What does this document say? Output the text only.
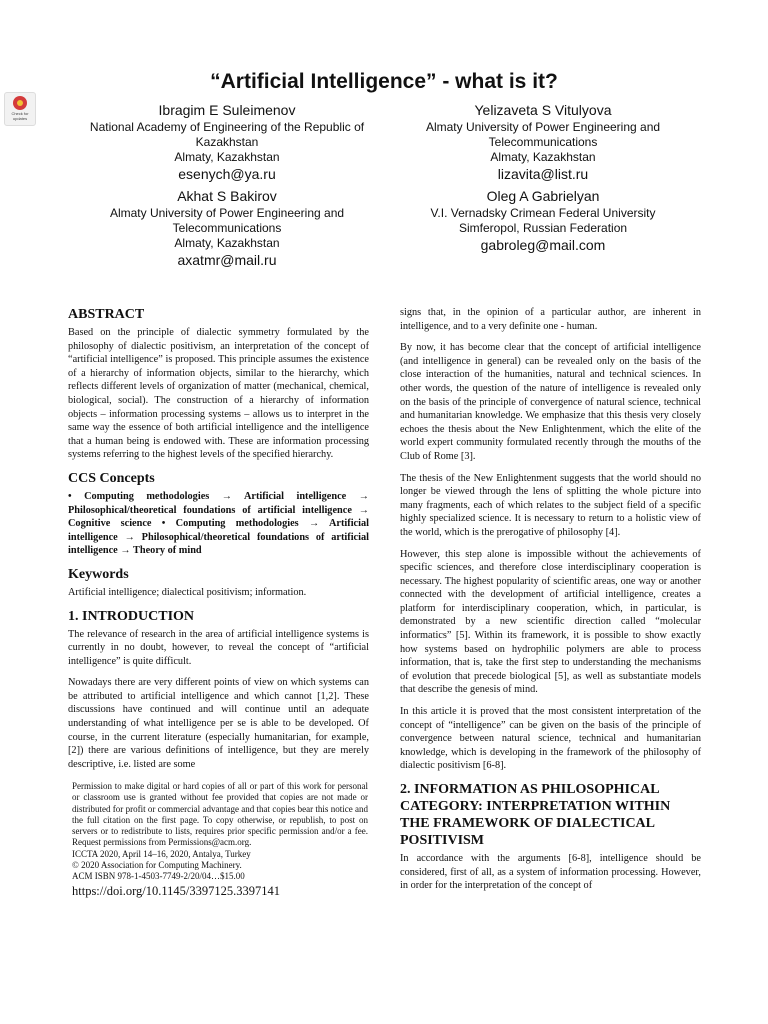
“Artificial Intelligence” - what is it?
Check for updates
Ibragim E Suleimenov
National Academy of Engineering of the Republic of Kazakhstan
Almaty, Kazakhstan
esenych@ya.ru
Yelizaveta S Vitulyova
Almaty University of Power Engineering and Telecommunications
Almaty, Kazakhstan
lizavita@list.ru
Akhat S Bakirov
Almaty University of Power Engineering and Telecommunications
Almaty, Kazakhstan
axatmr@mail.ru
Oleg A Gabrielyan
V.I. Vernadsky Crimean Federal University
Simferopol, Russian Federation
gabroleg@mail.com
ABSTRACT

Based on the principle of dialectic symmetry formulated by the philosophy of dialectic positivism, an interpretation of the concept of “artificial intelligence” is proposed. This principle assumes the existence of a hierarchy of information objects, similar to the hierarchy, which reflects different levels of organization of matter (mechanical, chemical, biological, social). The construction of a hierarchy of information objects – information processing systems – allows us to interpret in the same way the essence of both artificial intelligence and the intelligence that a human being is endowed with. These are information processing systems referring to the highest levels of the specified hierarchy.

CCS Concepts

• Computing methodologies → Artificial intelligence → Philosophical/theoretical foundations of artificial intelligence → Cognitive science • Computing methodologies → Artificial intelligence → Philosophical/theoretical foundations of artificial intelligence → Theory of mind

Keywords

Artificial intelligence; dialectical positivism; information.

1. INTRODUCTION

The relevance of research in the area of artificial intelligence systems is currently in no doubt, however, to reveal the concept of “artificial intelligence” is quite difficult.

Nowadays there are very different points of view on which systems can be attributed to artificial intelligence and which cannot [1,2]. These discussions have continued and will continue until an adequate understanding of what intelligence per se is able to be developed. Of course, in the current literature (especially humanitarian, for example, [2]) there are various definitions of intelligence, but they are merely descriptive, i.e. listed are some

Permission to make digital or hard copies of all or part of this work for personal or classroom use is granted without fee provided that copies are not made or distributed for profit or commercial advantage and that copies bear this notice and the full citation on the first page. To copy otherwise, or republish, to post on servers or to redistribute to lists, requires prior specific permission and/or a fee. Request permissions from Permissions@acm.org.
ICCTA 2020, April 14–16, 2020, Antalya, Turkey
© 2020 Association for Computing Machinery.
ACM ISBN 978-1-4503-7749-2/20/04…$15.00
https://doi.org/10.1145/3397125.3397141

signs that, in the opinion of a particular author, are inherent in intelligence, and to a very definite one - human.

By now, it has become clear that the concept of artificial intelligence (and intelligence in general) can be revealed only on the basis of the close interaction of the humanities, natural and technical sciences. In other words, the question of the nature of intelligence is revealed only on the basis of the principle of convergence of natural science, technical and humanitarian knowledge. We emphasize that this thesis very closely echoes the thesis about the New Enlightenment, which the elite of the world expert community formulated recently through the mouths of the Club of Rome [3].

The thesis of the New Enlightenment suggests that the world should no longer be viewed through the lens of splitting the whole picture into many fragments, each of which relates to the subject field of a specific highly specialized science. It is necessary to return to a holistic view of the world, which is the prerogative of philosophy [4].

However, this step alone is impossible without the achievements of specific sciences, and therefore close interdisciplinary cooperation is necessary. The highest popularity of scientific areas, one way or another connected with the development of artificial intelligence, creates a platform for interdisciplinary cooperation, which, in particular, is demonstrated by a new scientific direction called “molecular informatics” [5]. Within its framework, it is possible to show exactly how systems based on hydrophilic polymers are able to process information, that is, take the first step to understanding the mechanisms of evolution that precede biological [5], as well as substantiate models that describe the genesis of mind.

In this article it is proved that the most consistent interpretation of the concept of “intelligence” can be given on the basis of the principle of convergence between natural science, technical and humanitarian knowledge, which is developing in the framework of the philosophy of dialectic positivism [6-8].

2. INFORMATION AS PHILOSOPHICAL CATEGORY: INTERPRETATION WITHIN THE FRAMEWORK OF DIALECTICAL POSITIVISM

In accordance with the arguments [6-8], intelligence should be considered, first of all, as a system of information processing. However, in order for the interpretation of the concept of
